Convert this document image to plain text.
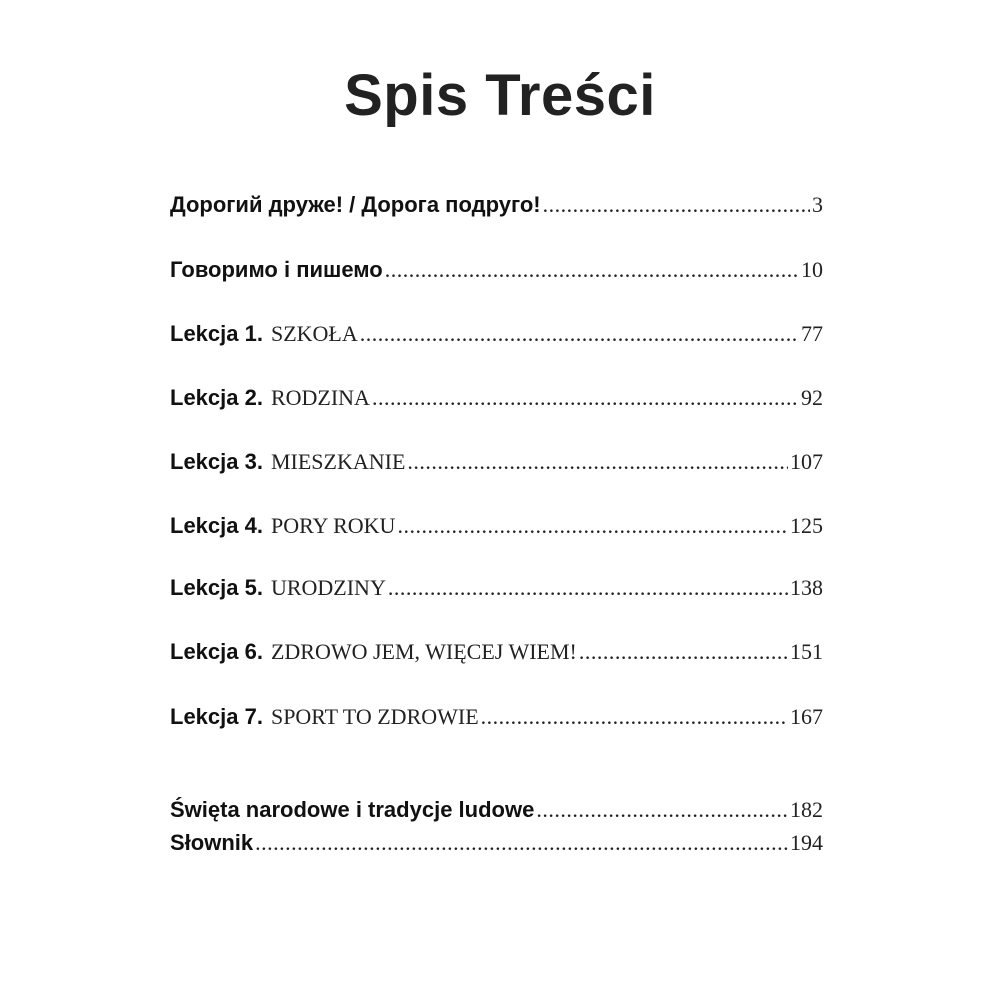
Spis Treści
Дорогий друже! / Дорога подруго! .....	3
Говоримо і пишемо .....	10
Lekcja 1. SZKOŁA .....	77
Lekcja 2. RODZINA .....	92
Lekcja 3. MIESZKANIE .....	107
Lekcja 4. PORY ROKU .....	125
Lekcja 5. URODZINY .....	138
Lekcja 6. ZDROWO JEM, WIĘCEJ WIEM! .....	151
Lekcja 7. SPORT TO ZDROWIE .....	167
Święta narodowe i tradycje ludowe .....	182
Słownik .....	194
